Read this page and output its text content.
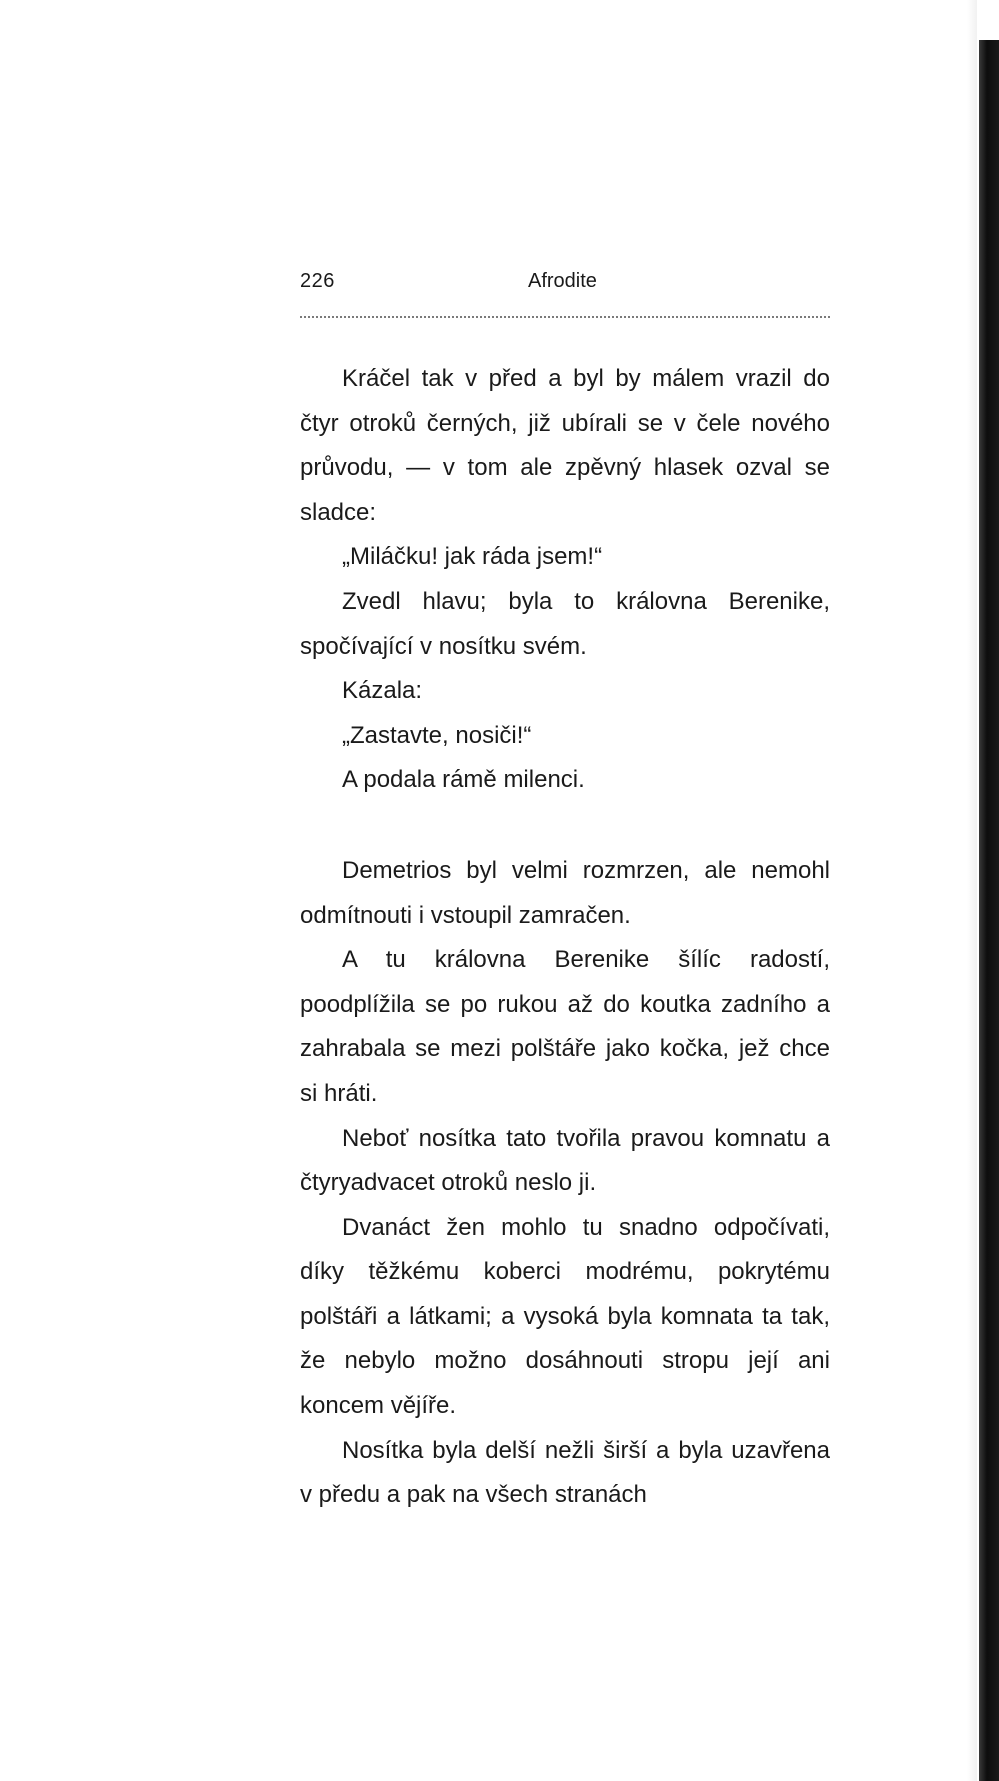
226	Afrodite

Kráčel tak v před a byl by málem vrazil do čtyr otroků černých, již ubírali se v čele nového průvodu, — v tom ale zpěvný hlasek ozval se sladce:

„Miláčku! jak ráda jsem!“

Zvedl hlavu; byla to královna Berenike, spočívající v nosítku svém.

Kázala:

„Zastavte, nosiči!“

A podala rámě milenci.

Demetrios byl velmi rozmrzen, ale nemohl odmítnouti i vstoupil zamračen.

A tu královna Berenike šílíc radostí, poodplížila se po rukou až do koutka zadního a zahrabala se mezi polštáře jako kočka, jež chce si hráti.

Neboť nosítka tato tvořila pravou komnatu a čtyryadvacet otroků neslo ji.

Dvanáct žen mohlo tu snadno odpočívati, díky těžkému koberci modrému, pokrytému polštáři a látkami; a vysoká byla komnata ta tak, že nebylo možno dosáhnouti stropu její ani koncem vějíře.

Nosítka byla delší nežli širší a byla uzavřena v předu a pak na všech stranách
